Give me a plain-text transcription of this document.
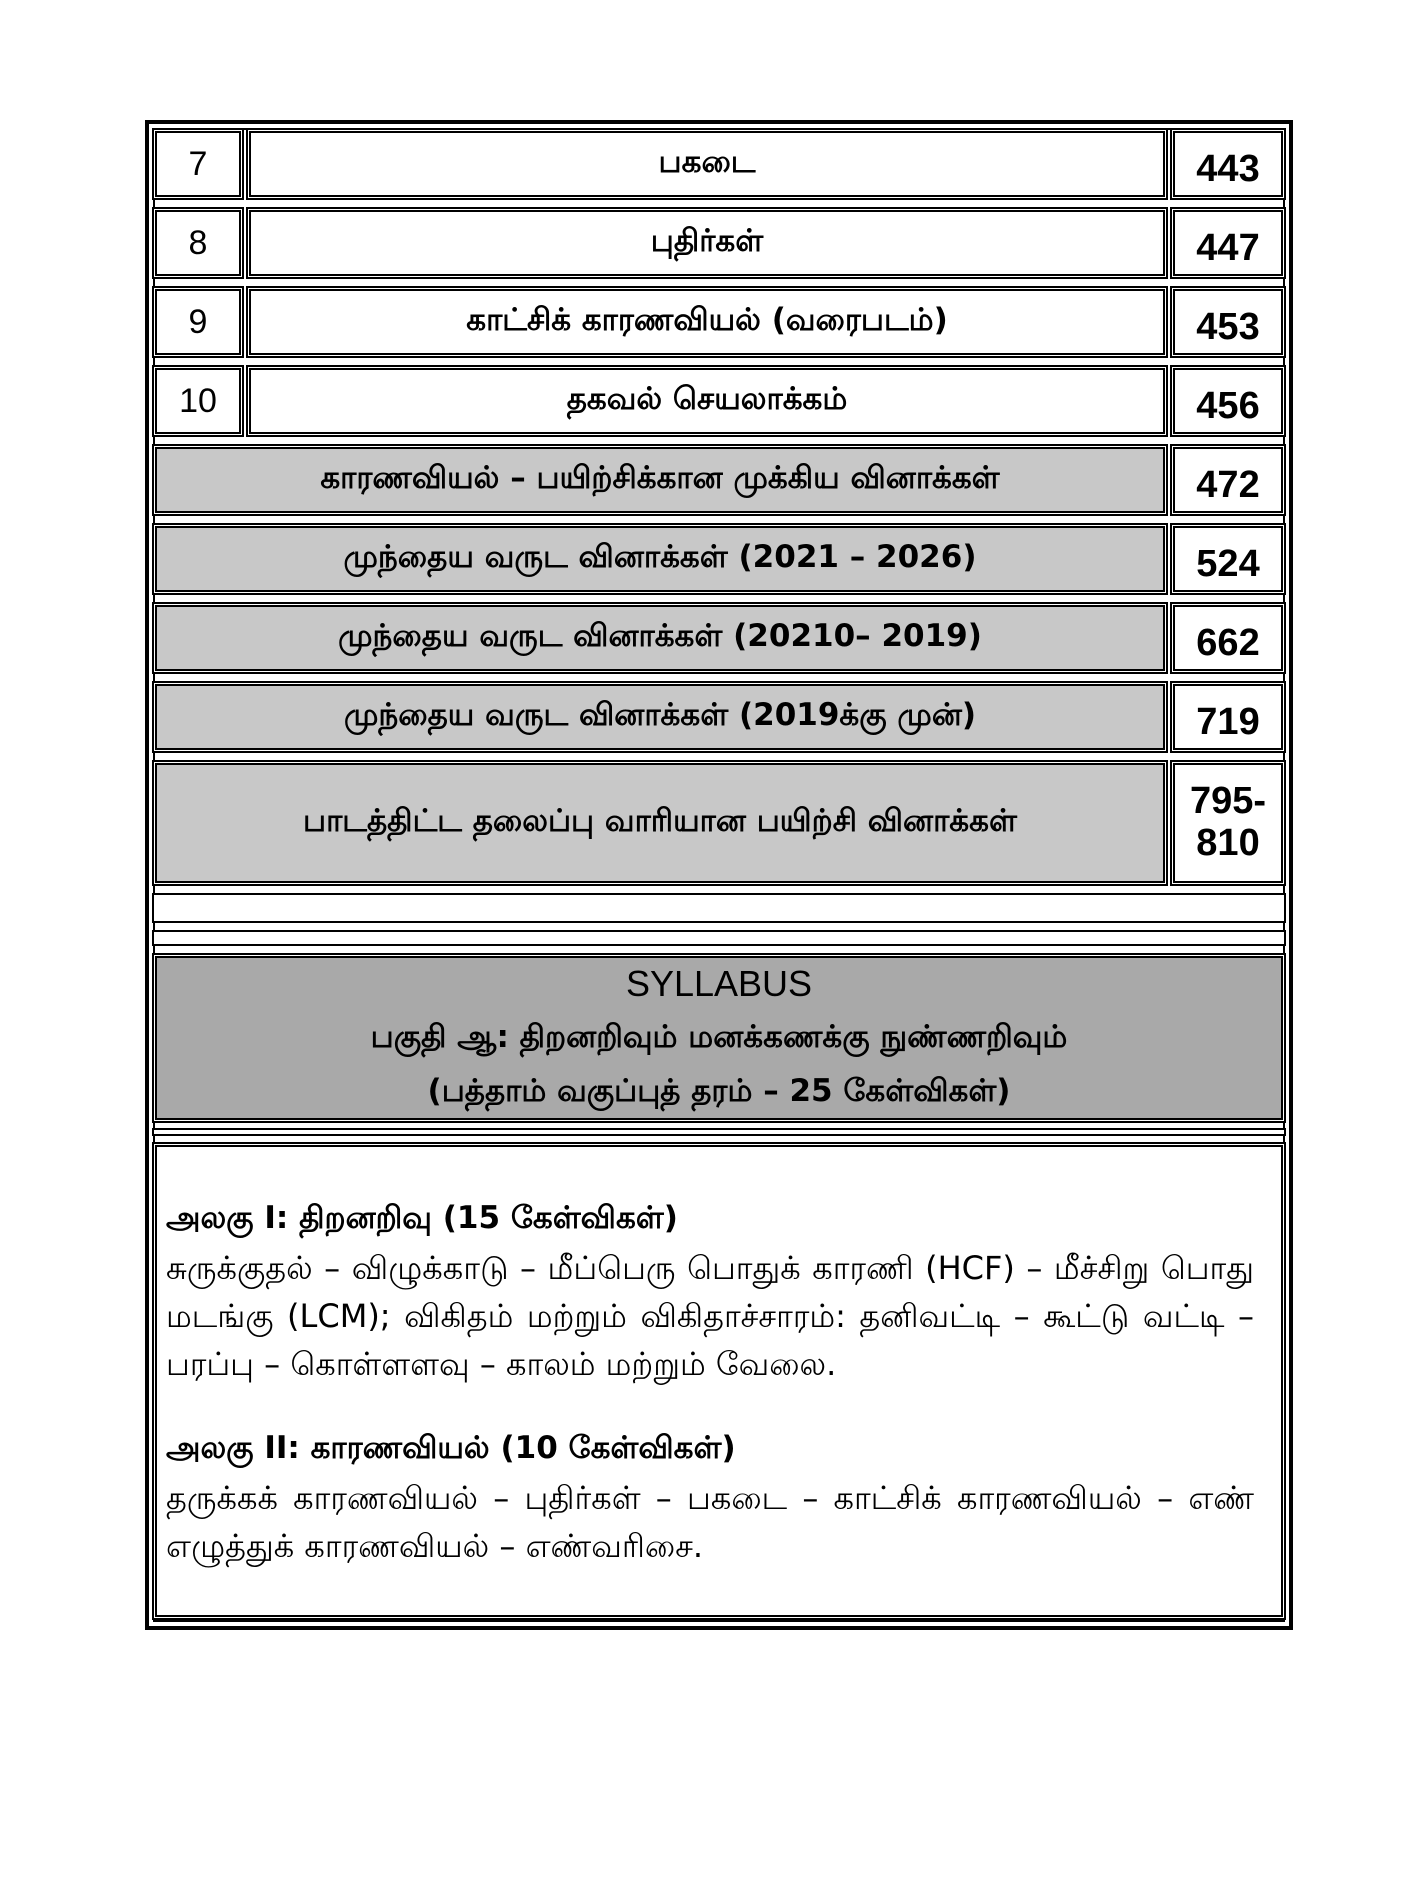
7	பகடை	443
8	புதிர்கள்	447
9	காட்சிக் காரணவியல் (வரைபடம்)	453
10	தகவல் செயலாக்கம்	456
காரணவியல் – பயிற்சிக்கான முக்கிய வினாக்கள்	472
முந்தைய வருட வினாக்கள் (2021 – 2026)	524
முந்தைய வருட வினாக்கள் (20210– 2019)	662
முந்தைய வருட வினாக்கள் (2019க்கு முன்)	719
பாடத்திட்ட தலைப்பு வாரியான பயிற்சி வினாக்கள்	795-
810
SYLLABUS
பகுதி ஆ: திறனறிவும் மனக்கணக்கு நுண்ணறிவும்
(பத்தாம் வகுப்புத் தரம் – 25 கேள்விகள்)
அலகு I: திறனறிவு (15 கேள்விகள்)
சுருக்குதல் – விழுக்காடு – மீப்பெரு பொதுக் காரணி (HCF) – மீச்சிறு பொது மடங்கு (LCM); விகிதம் மற்றும் விகிதாச்சாரம்: தனிவட்டி – கூட்டு வட்டி – பரப்பு – கொள்ளளவு – காலம் மற்றும் வேலை.
அலகு II: காரணவியல் (10 கேள்விகள்)
தருக்கக் காரணவியல் – புதிர்கள் – பகடை – காட்சிக் காரணவியல் – எண் எழுத்துக் காரணவியல் – எண்வரிசை.
